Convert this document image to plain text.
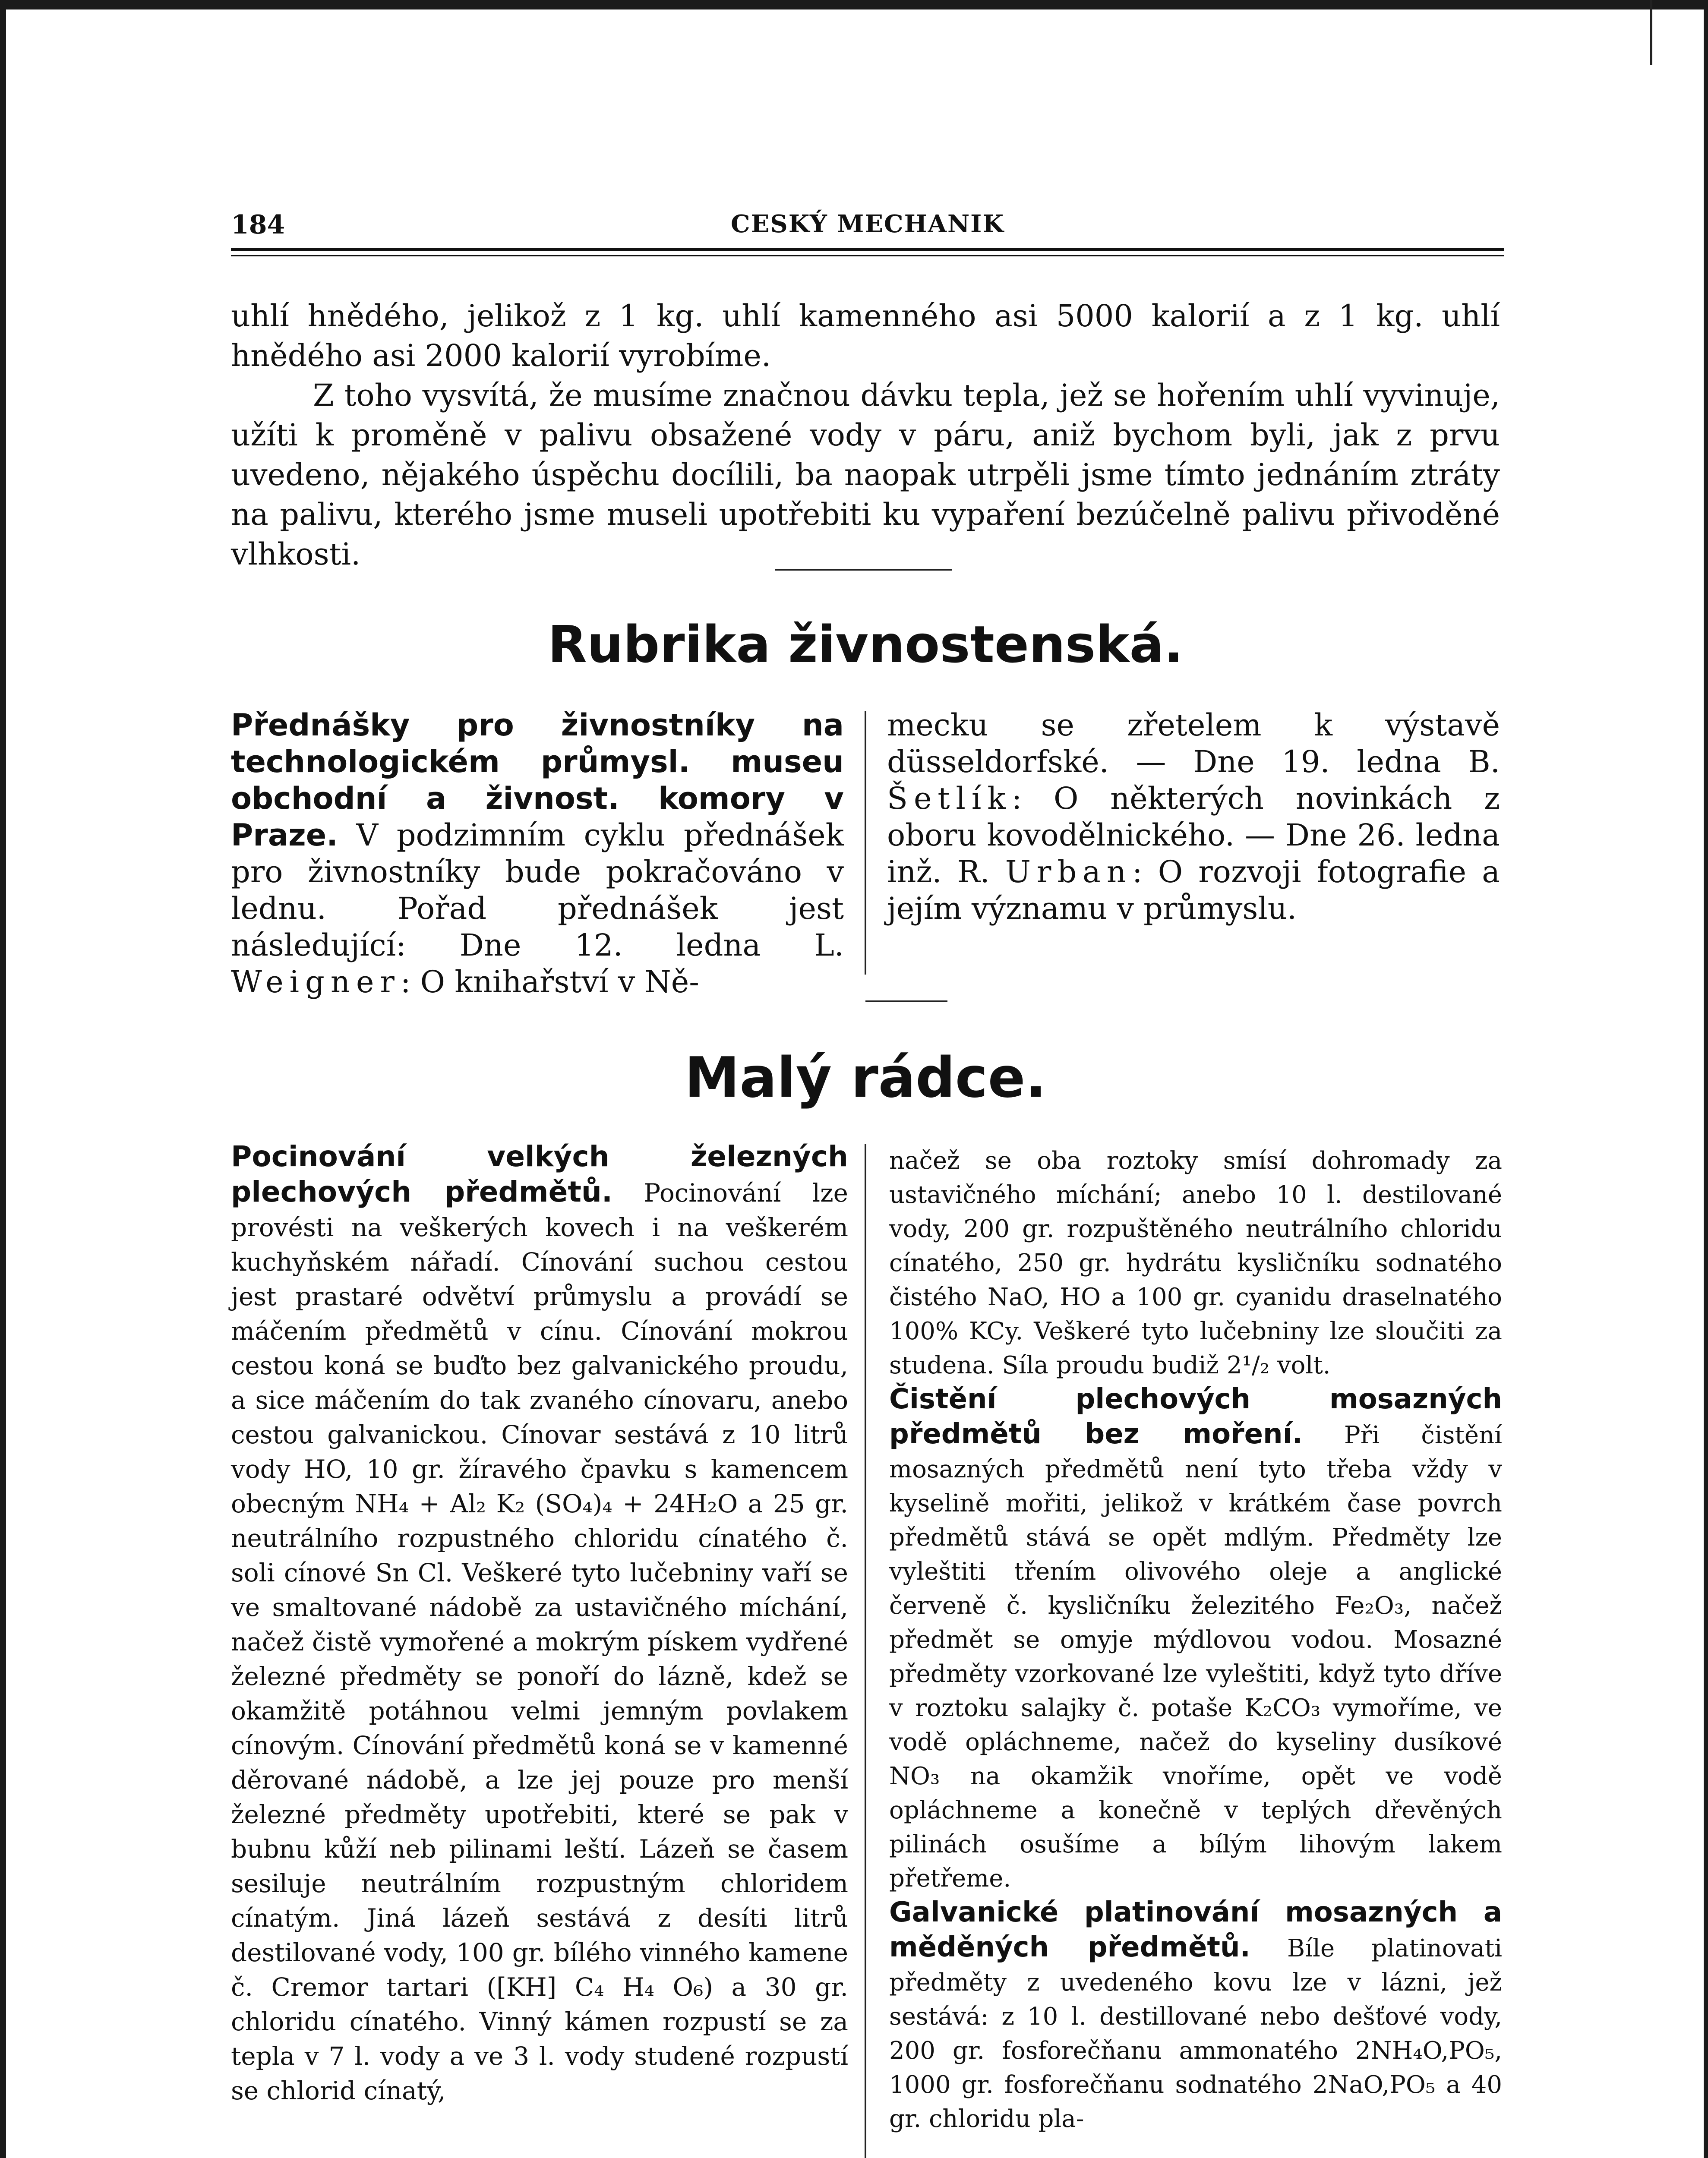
CESKÝ MECHANIK
184

uhlí hnědého, jelikož z 1 kg. uhlí kamenného asi 5000 kalorií a z 1 kg. uhlí hnědého asi 2000 kalorií vyrobíme.

Z toho vysvítá, že musíme značnou dávku tepla, jež se hořením uhlí vyvinuje, užíti k proměně v palivu obsažené vody v páru, aniž bychom byli, jak z prvu uvedeno, nějakého úspěchu docílili, ba naopak utrpěli jsme tímto jednáním ztráty na palivu, kterého jsme museli upotřebiti ku vypaření bezúčelně palivu přivoděné vlhkosti.

Rubrika živnostenská.

Přednášky pro živnostníky na technologickém průmysl. museu obchodní a živnost. komory v Praze. V podzimním cyklu přednášek pro živnostníky bude pokračováno v lednu. Pořad přednášek jest následující: Dne 12. ledna L. Weigner: O knihařství v Ně-

mecku se zřetelem k výstavě düsseldorfské. — Dne 19. ledna B. Šetlík: O některých novinkách z oboru kovodělnického. — Dne 26. ledna inž. R. Urban: O rozvoji fotografie a jejím významu v průmyslu.

Malý rádce.

Pocinování velkých železných plechových předmětů. Pocinování lze provésti na veškerých kovech i na veškerém kuchyňském nářadí. Cínování suchou cestou jest prastaré odvětví průmyslu a provádí se máčením předmětů v cínu. Cínování mokrou cestou koná se buďto bez galvanického proudu, a sice máčením do tak zvaného cínovaru, anebo cestou galvanickou. Cínovar sestává z 10 litrů vody HO, 10 gr. žíravého čpavku s kamencem obecným NH₄ + Al₂ K₂ (SO₄)₄ + 24H₂O a 25 gr. neutrálního rozpustného chloridu cínatého č. soli cínové Sn Cl. Veškeré tyto lučebniny vaří se ve smaltované nádobě za ustavičného míchání, načež čistě vymořené a mokrým pískem vydřené železné předměty se ponoří do lázně, kdež se okamžitě potáhnou velmi jemným povlakem cínovým. Cínování předmětů koná se v kamenné děrované nádobě, a lze jej pouze pro menší železné předměty upotřebiti, které se pak v bubnu kůží neb pilinami leští. Lázeň se časem sesiluje neutrálním rozpustným chloridem cínatým. Jiná lázeň sestává z desíti litrů destilované vody, 100 gr. bílého vinného kamene č. Cremor tartari ([KH] C₄ H₄ O₆) a 30 gr. chloridu cínatého. Vinný kámen rozpustí se za tepla v 7 l. vody a ve 3 l. vody studené rozpustí se chlorid cínatý,

načež se oba roztoky smísí dohromady za ustavičného míchání; anebo 10 l. destilované vody, 200 gr. rozpuštěného neutrálního chloridu cínatého, 250 gr. hydrátu kysličníku sodnatého čistého NaO, HO a 100 gr. cyanidu draselnatého 100% KCy. Veškeré tyto lučebniny lze sloučiti za studena. Síla proudu budiž 2¹/₂ volt.

Čistění plechových mosazných předmětů bez moření. Při čistění mosazných předmětů není tyto třeba vždy v kyselině mořiti, jelikož v krátkém čase povrch předmětů stává se opět mdlým. Předměty lze vyleštiti třením olivového oleje a anglické červeně č. kysličníku železitého Fe₂O₃, načež předmět se omyje mýdlovou vodou. Mosazné předměty vzorkované lze vyleštiti, když tyto dříve v roztoku salajky č. potaše K₂CO₃ vymoříme, ve vodě opláchneme, načež do kyseliny dusíkové NO₃ na okamžik vnoříme, opět ve vodě opláchneme a konečně v teplých dřevěných pilinách osušíme a bílým lihovým lakem přetřeme.

Galvanické platinování mosazných a měděných předmětů. Bíle platinovati předměty z uvedeného kovu lze v lázni, jež sestává: z 10 l. destillované nebo dešťové vody, 200 gr. fosforečňanu ammonatého 2NH₄O,PO₅, 1000 gr. fosforečňanu sodnatého 2NaO,PO₅ a 40 gr. chloridu pla-
